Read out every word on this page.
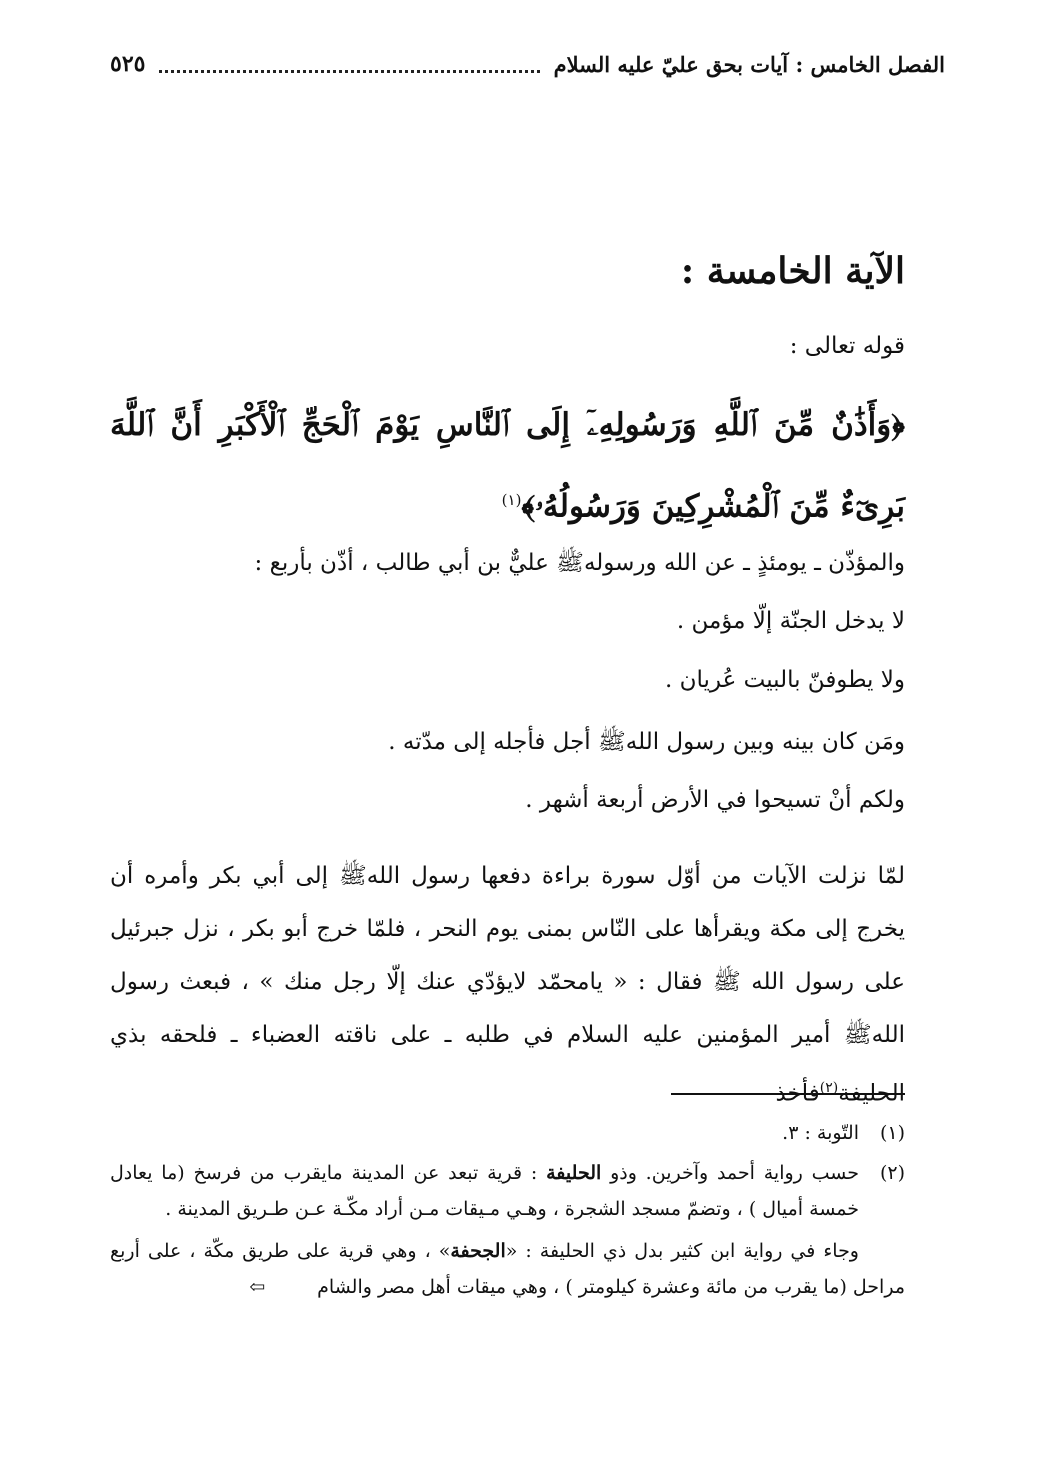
الفصل الخامس : آيات بحق عليّ عليه السلام
٥٢٥
الآية الخامسة :
قوله تعالى :
﴿وَأَذَٰنٌ مِّنَ ٱللَّهِ وَرَسُولِهِۦٓ إِلَى ٱلنَّاسِ يَوْمَ ٱلْحَجِّ ٱلْأَكْبَرِ أَنَّ ٱللَّهَ بَرِىٓءٌ مِّنَ ٱلْمُشْرِكِينَ وَرَسُولُهُۥ﴾$^{(١)}$
والمؤذّن ـ يومئذٍ ـ عن الله ورسولهﷺ عليٌّ بن أبي طالب ، أذّن بأربع :
لا يدخل الجنّة إلّا مؤمن .
ولا يطوفنّ بالبيت عُريان .
ومَن كان بينه وبين رسول اللهﷺ أجل فأجله إلى مدّته .
ولكم أنْ تسيحوا في الأرض أربعة أشهر .
لمّا نزلت الآيات من أوّل سورة براءة دفعها رسول اللهﷺ إلى أبي بكر وأمره أن يخرج إلى مكة ويقرأها على النّاس بمنى يوم النحر ، فلمّا خرج أبو بكر ، نزل جبرئيل على رسول الله ﷺ فقال : « يامحمّد لايؤدّي عنك إلّا رجل منك » ، فبعث رسول اللهﷺ أمير المؤمنين عليه السلام في طلبه ـ على ناقته العضباء ـ فلحقه بذي الحليفة$^{(٢)}$فأخذ
(١)
التّوبة : ٣.
(٢)
حسب رواية أحمد وآخرين. وذو الحليفة : قرية تبعد عن المدينة مايقرب من فرسخ (ما يعادل خمسة أميال ) ، وتضمّ مسجد الشجرة ، وهـي مـيقات مـن أراد مكّـة عـن طـريق المدينة .
وجاء في رواية ابن كثير بدل ذي الحليفة : «الجحفة» ، وهي قرية على طريق مكّة ، على أربع مراحل (ما يقرب من مائة وعشرة كيلومتر ) ، وهي ميقات أهل مصر والشام⇦
